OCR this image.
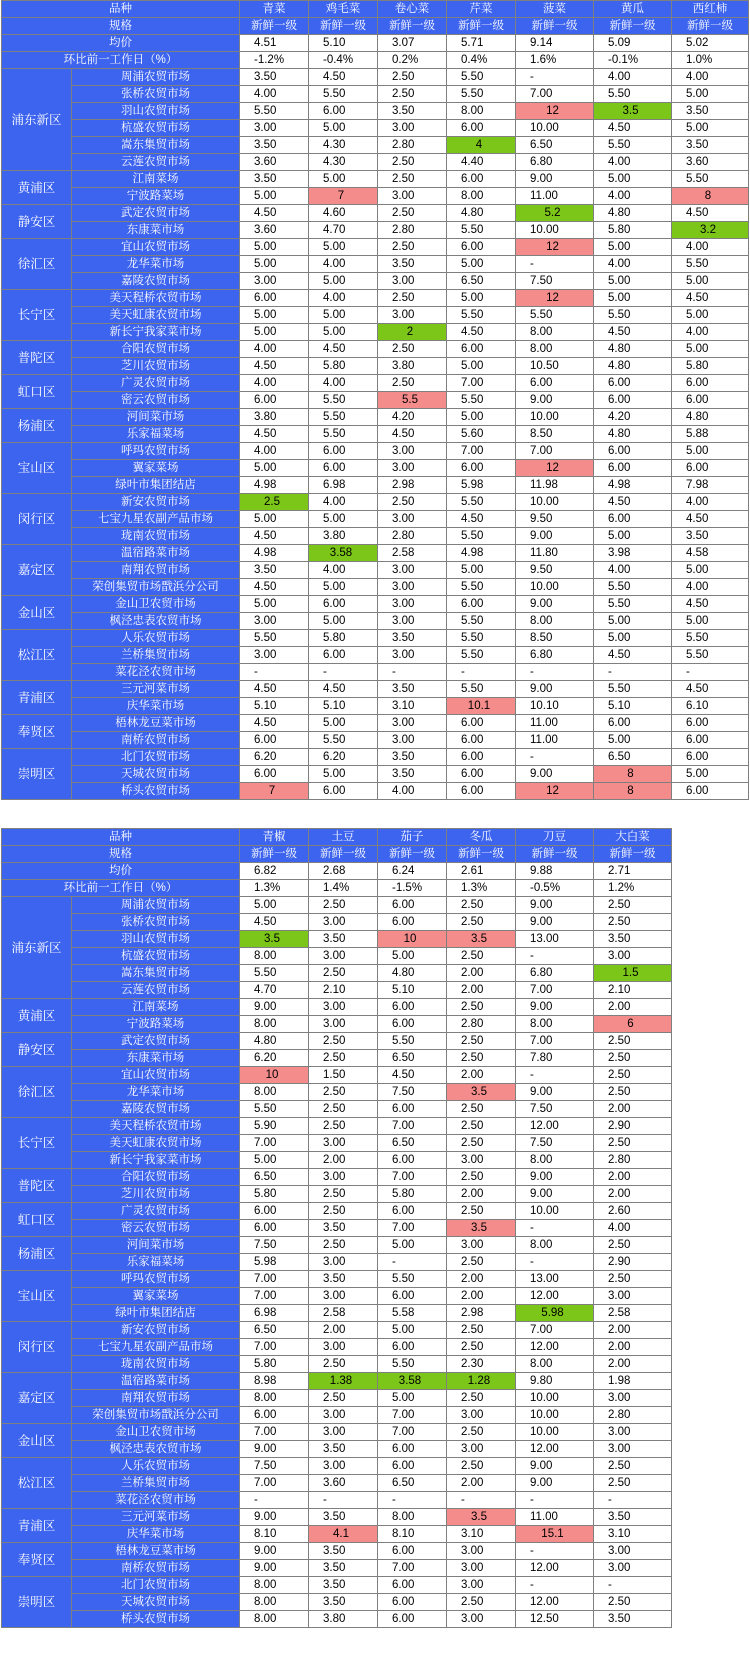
品种		青菜	鸡毛菜	卷心菜	芹菜	菠菜	黄瓜	西红柿
规格		新鲜一级	新鲜一级	新鲜一级	新鲜一级	新鲜一级	新鲜一级	新鲜一级
均价		4.51	5.10	3.07	5.71	9.14	5.09	5.02
环比前一工作日（%）		-1.2%	-0.4%	0.2%	0.4%	1.6%	-0.1%	1.0%
浦东新区	周浦农贸市场	3.50	4.50	2.50	5.50	-	4.00	4.00
	张桥农贸市场	4.00	5.50	2.50	5.50	7.00	5.50	5.00
	羽山农贸市场	5.50	6.00	3.50	8.00	12	3.5	3.50
	杭盛农贸市场	3.00	5.00	3.00	6.00	10.00	4.50	5.00
	嵩东集贸市场	3.50	4.30	2.80	4	6.50	5.50	3.50
	云莲农贸市场	3.60	4.30	2.50	4.40	6.80	4.00	3.60
黄浦区	江南菜场	3.50	5.00	2.50	6.00	9.00	5.00	5.50
	宁波路菜场	5.00	7	3.00	8.00	11.00	4.00	8
静安区	武定农贸市场	4.50	4.60	2.50	4.80	5.2	4.80	4.50
	东康菜市场	3.60	4.70	2.80	5.50	10.00	5.80	3.2
徐汇区	宜山农贸市场	5.00	5.00	2.50	6.00	12	5.00	4.00
	龙华菜市场	5.00	4.00	3.50	5.00	-	4.00	5.50
	嘉陵农贸市场	3.00	5.00	3.00	6.50	7.50	5.00	5.00
长宁区	美天程桥农贸市场	6.00	4.00	2.50	5.00	12	5.00	4.50
	美天虹康农贸市场	5.00	5.00	3.00	5.50	5.50	5.50	5.00
	新长宁我家菜市场	5.00	5.00	2	4.50	8.00	4.50	4.00
普陀区	合阳农贸市场	4.00	4.50	2.50	6.00	8.00	4.80	5.00
	芝川农贸市场	4.50	5.80	3.80	5.00	10.50	4.80	5.80
虹口区	广灵农贸市场	4.00	4.00	2.50	7.00	6.00	6.00	6.00
	密云农贸市场	6.00	5.50	5.5	5.50	9.00	6.00	6.00
杨浦区	河间菜市场	3.80	5.50	4.20	5.00	10.00	4.20	4.80
	乐家福菜场	4.50	5.50	4.50	5.60	8.50	4.80	5.88
宝山区	呼玛农贸市场	4.00	6.00	3.00	7.00	7.00	6.00	5.00
	翼家菜场	5.00	6.00	3.00	6.00	12	6.00	6.00
	绿叶市集团结店	4.98	6.98	2.98	5.98	11.98	4.98	7.98
闵行区	新安农贸市场	2.5	4.00	2.50	5.50	10.00	4.50	4.00
	七宝九星农副产品市场	5.00	5.00	3.00	4.50	9.50	6.00	4.50
	珑南农贸市场	4.50	3.80	2.80	5.50	9.00	5.00	3.50
嘉定区	温宿路菜市场	4.98	3.58	2.58	4.98	11.80	3.98	4.58
	南翔农贸市场	3.50	4.00	3.00	5.00	9.50	4.00	5.00
	荣创集贸市场戬浜分公司	4.50	5.00	3.00	5.50	10.00	5.50	4.00
金山区	金山卫农贸市场	5.00	6.00	3.00	6.00	9.00	5.50	4.50
	枫泾忠表农贸市场	3.00	5.00	3.00	5.50	8.00	5.00	5.00
松江区	人乐农贸市场	5.50	5.80	3.50	5.50	8.50	5.00	5.50
	兰桥集贸市场	3.00	6.00	3.00	5.50	6.80	4.50	5.50
	菜花泾农贸市场	-	-	-	-	-	-	-
青浦区	三元河菜市场	4.50	4.50	3.50	5.50	9.00	5.50	4.50
	庆华菜市场	5.10	5.10	3.10	10.1	10.10	5.10	6.10
奉贤区	梧林龙豆菜市场	4.50	5.00	3.00	6.00	11.00	6.00	6.00
	南桥农贸市场	6.00	5.50	3.00	6.00	11.00	5.00	6.00
崇明区	北门农贸市场	6.20	6.20	3.50	6.00	-	6.50	6.00
	天城农贸市场	6.00	5.00	3.50	6.00	9.00	8	5.00
	桥头农贸市场	7	6.00	4.00	6.00	12	8	6.00
品种		青椒	土豆	茄子	冬瓜	刀豆	大白菜
规格		新鲜一级	新鲜一级	新鲜一级	新鲜一级	新鲜一级	新鲜一级
均价		6.82	2.68	6.24	2.61	9.88	2.71
环比前一工作日（%）		1.3%	1.4%	-1.5%	1.3%	-0.5%	1.2%
浦东新区	周浦农贸市场	5.00	2.50	6.00	2.50	9.00	2.50
	张桥农贸市场	4.50	3.00	6.00	2.50	9.00	2.50
	羽山农贸市场	3.5	3.50	10	3.5	13.00	3.50
	杭盛农贸市场	8.00	3.00	5.00	2.50	-	3.00
	嵩东集贸市场	5.50	2.50	4.80	2.00	6.80	1.5
	云莲农贸市场	4.70	2.10	5.10	2.00	7.00	2.10
黄浦区	江南菜场	9.00	3.00	6.00	2.50	9.00	2.00
	宁波路菜场	8.00	3.00	6.00	2.80	8.00	6
静安区	武定农贸市场	4.80	2.50	5.50	2.50	7.00	2.50
	东康菜市场	6.20	2.50	6.50	2.50	7.80	2.50
徐汇区	宜山农贸市场	10	1.50	4.50	2.00	-	2.50
	龙华菜市场	8.00	2.50	7.50	3.5	9.00	2.50
	嘉陵农贸市场	5.50	2.50	6.00	2.50	7.50	2.00
长宁区	美天程桥农贸市场	5.90	2.50	7.00	2.50	12.00	2.90
	美天虹康农贸市场	7.00	3.00	6.50	2.50	7.50	2.50
	新长宁我家菜市场	5.00	2.00	6.00	3.00	8.00	2.80
普陀区	合阳农贸市场	6.50	3.00	7.00	2.50	9.00	2.00
	芝川农贸市场	5.80	2.50	5.80	2.00	9.00	2.00
虹口区	广灵农贸市场	6.00	2.50	6.00	2.50	10.00	2.60
	密云农贸市场	6.00	3.50	7.00	3.5	-	4.00
杨浦区	河间菜市场	7.50	2.50	5.00	3.00	8.00	2.50
	乐家福菜场	5.98	3.00	-	2.50	-	2.90
宝山区	呼玛农贸市场	7.00	3.50	5.50	2.00	13.00	2.50
	翼家菜场	7.00	3.00	6.00	2.00	12.00	3.00
	绿叶市集团结店	6.98	2.58	5.58	2.98	5.98	2.58
闵行区	新安农贸市场	6.50	2.00	5.00	2.50	7.00	2.00
	七宝九星农副产品市场	7.00	3.00	6.00	2.50	12.00	2.00
	珑南农贸市场	5.80	2.50	5.50	2.30	8.00	2.00
嘉定区	温宿路菜市场	8.98	1.38	3.58	1.28	9.80	1.98
	南翔农贸市场	8.00	2.50	5.00	2.50	10.00	3.00
	荣创集贸市场戬浜分公司	6.00	3.00	7.00	3.00	10.00	2.80
金山区	金山卫农贸市场	7.00	3.00	7.00	2.50	10.00	3.00
	枫泾忠表农贸市场	9.00	3.50	6.00	3.00	12.00	3.00
松江区	人乐农贸市场	7.50	3.00	6.00	2.50	9.00	2.50
	兰桥集贸市场	7.00	3.60	6.50	2.00	9.00	2.50
	菜花泾农贸市场	-	-	-	-	-	-
青浦区	三元河菜市场	9.00	3.50	8.00	3.5	11.00	3.50
	庆华菜市场	8.10	4.1	8.10	3.10	15.1	3.10
奉贤区	梧林龙豆菜市场	9.00	3.50	6.00	3.00	-	3.00
	南桥农贸市场	9.00	3.50	7.00	3.00	12.00	3.00
崇明区	北门农贸市场	8.00	3.50	6.00	3.00	-	-
	天城农贸市场	8.00	3.50	6.00	2.50	12.00	2.50
	桥头农贸市场	8.00	3.80	6.00	3.00	12.50	3.50
